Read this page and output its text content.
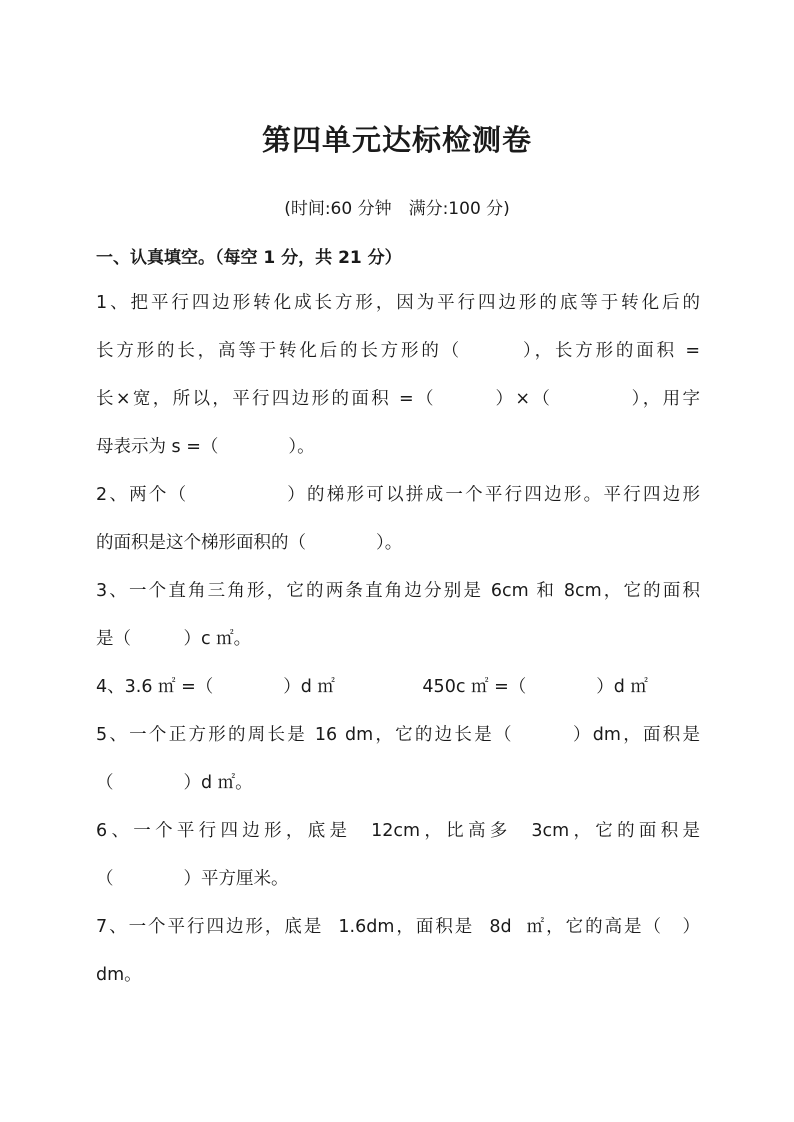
第四单元达标检测卷
(时间:60 分钟　满分:100 分)
一、认真填空。（每空 1 分，共 21 分）
1、把平行四边形转化成长方形，因为平行四边形的底等于转化后的
长方形的长，高等于转化后的长方形的（　　　），长方形的面积 =
长×宽，所以，平行四边形的面积 =（　　　）×（　　　　），用字
母表示为 s =（　　　　）。
2、两个（　　　　　）的梯形可以拼成一个平行四边形。平行四边形
的面积是这个梯形面积的（　　　　）。
3、一个直角三角形，它的两条直角边分别是 6cm 和 8cm，它的面积
是（　　　）c ㎡。
4、3.6 ㎡ =（　　　　）d ㎡　　　　　450c ㎡ =（　　　　）d ㎡
5、一个正方形的周长是 16 dm，它的边长是（　　　）dm，面积是
（　　　　）d ㎡。
6、一个平行四边形，底是  12cm，比高多  3cm，它的面积是
（　　　　）平方厘米。
7、一个平行四边形，底是  1.6dm，面积是  8d  ㎡，它的高是（　）
dm。
